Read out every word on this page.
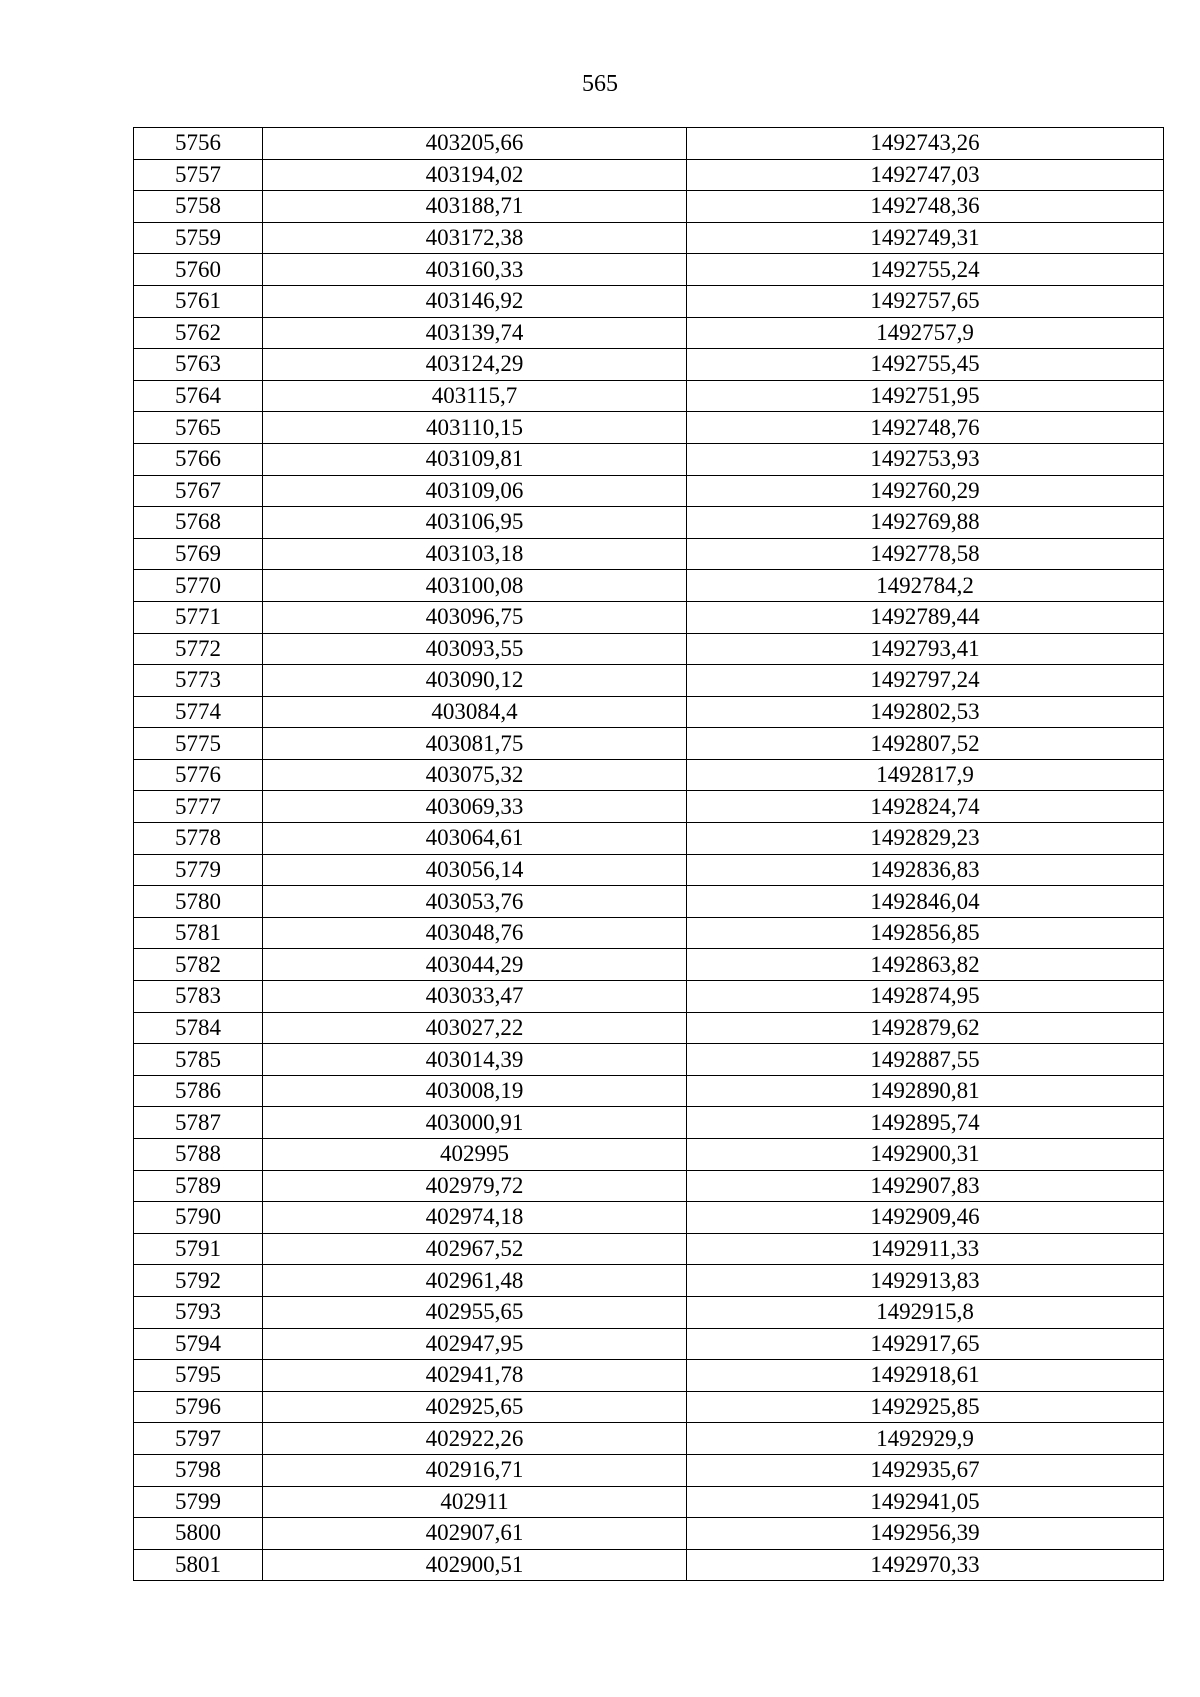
565
5756	403205,66	1492743,26
5757	403194,02	1492747,03
5758	403188,71	1492748,36
5759	403172,38	1492749,31
5760	403160,33	1492755,24
5761	403146,92	1492757,65
5762	403139,74	1492757,9
5763	403124,29	1492755,45
5764	403115,7	1492751,95
5765	403110,15	1492748,76
5766	403109,81	1492753,93
5767	403109,06	1492760,29
5768	403106,95	1492769,88
5769	403103,18	1492778,58
5770	403100,08	1492784,2
5771	403096,75	1492789,44
5772	403093,55	1492793,41
5773	403090,12	1492797,24
5774	403084,4	1492802,53
5775	403081,75	1492807,52
5776	403075,32	1492817,9
5777	403069,33	1492824,74
5778	403064,61	1492829,23
5779	403056,14	1492836,83
5780	403053,76	1492846,04
5781	403048,76	1492856,85
5782	403044,29	1492863,82
5783	403033,47	1492874,95
5784	403027,22	1492879,62
5785	403014,39	1492887,55
5786	403008,19	1492890,81
5787	403000,91	1492895,74
5788	402995	1492900,31
5789	402979,72	1492907,83
5790	402974,18	1492909,46
5791	402967,52	1492911,33
5792	402961,48	1492913,83
5793	402955,65	1492915,8
5794	402947,95	1492917,65
5795	402941,78	1492918,61
5796	402925,65	1492925,85
5797	402922,26	1492929,9
5798	402916,71	1492935,67
5799	402911	1492941,05
5800	402907,61	1492956,39
5801	402900,51	1492970,33
